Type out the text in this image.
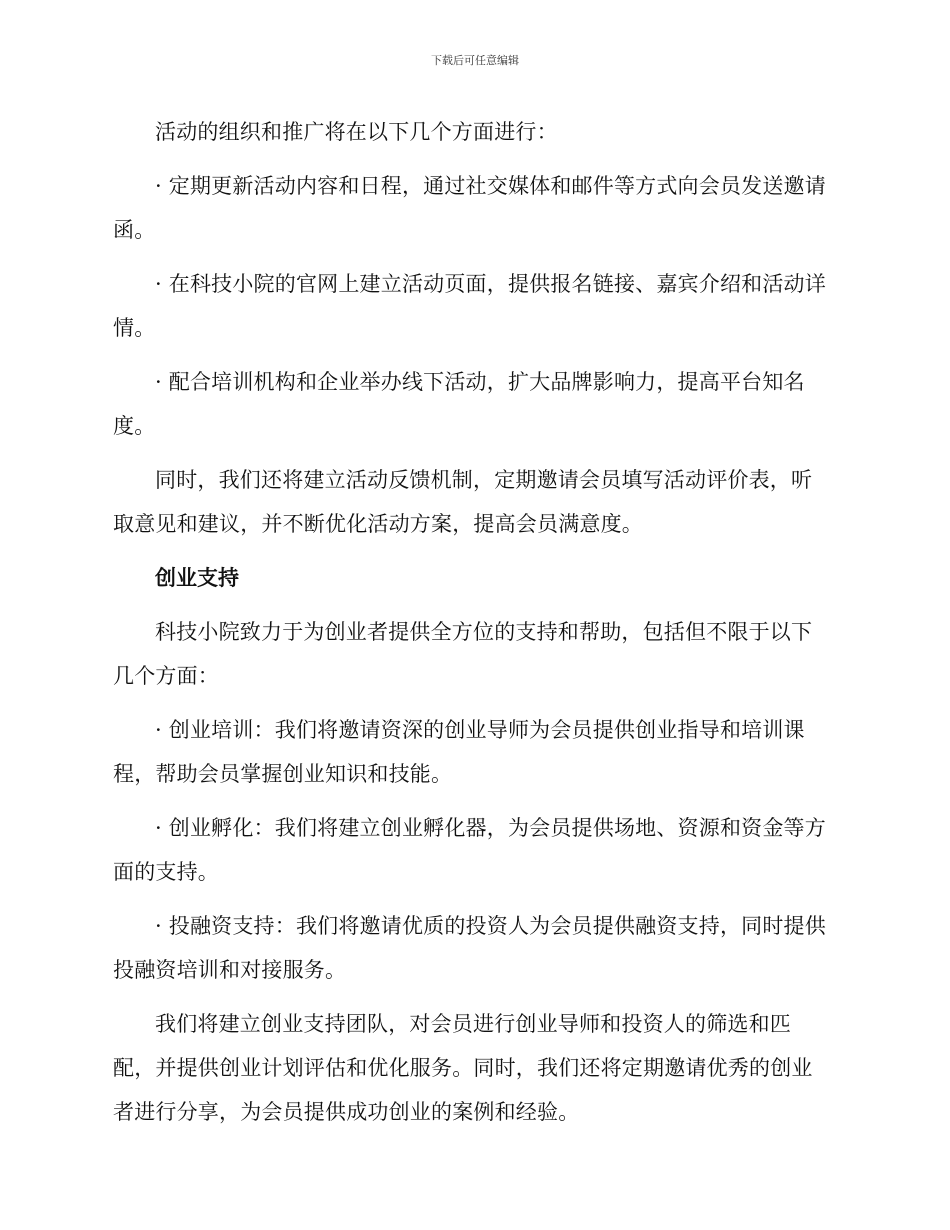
下载后可任意编辑

活动的组织和推广将在以下几个方面进行：

· 定期更新活动内容和日程，通过社交媒体和邮件等方式向会员发送邀请函。

· 在科技小院的官网上建立活动页面，提供报名链接、嘉宾介绍和活动详情。

· 配合培训机构和企业举办线下活动，扩大品牌影响力，提高平台知名度。

同时，我们还将建立活动反馈机制，定期邀请会员填写活动评价表，听取意见和建议，并不断优化活动方案，提高会员满意度。

创业支持

科技小院致力于为创业者提供全方位的支持和帮助，包括但不限于以下几个方面：

· 创业培训：我们将邀请资深的创业导师为会员提供创业指导和培训课程，帮助会员掌握创业知识和技能。

· 创业孵化：我们将建立创业孵化器，为会员提供场地、资源和资金等方面的支持。

· 投融资支持：我们将邀请优质的投资人为会员提供融资支持，同时提供投融资培训和对接服务。

我们将建立创业支持团队，对会员进行创业导师和投资人的筛选和匹配，并提供创业计划评估和优化服务。同时，我们还将定期邀请优秀的创业者进行分享，为会员提供成功创业的案例和经验。
